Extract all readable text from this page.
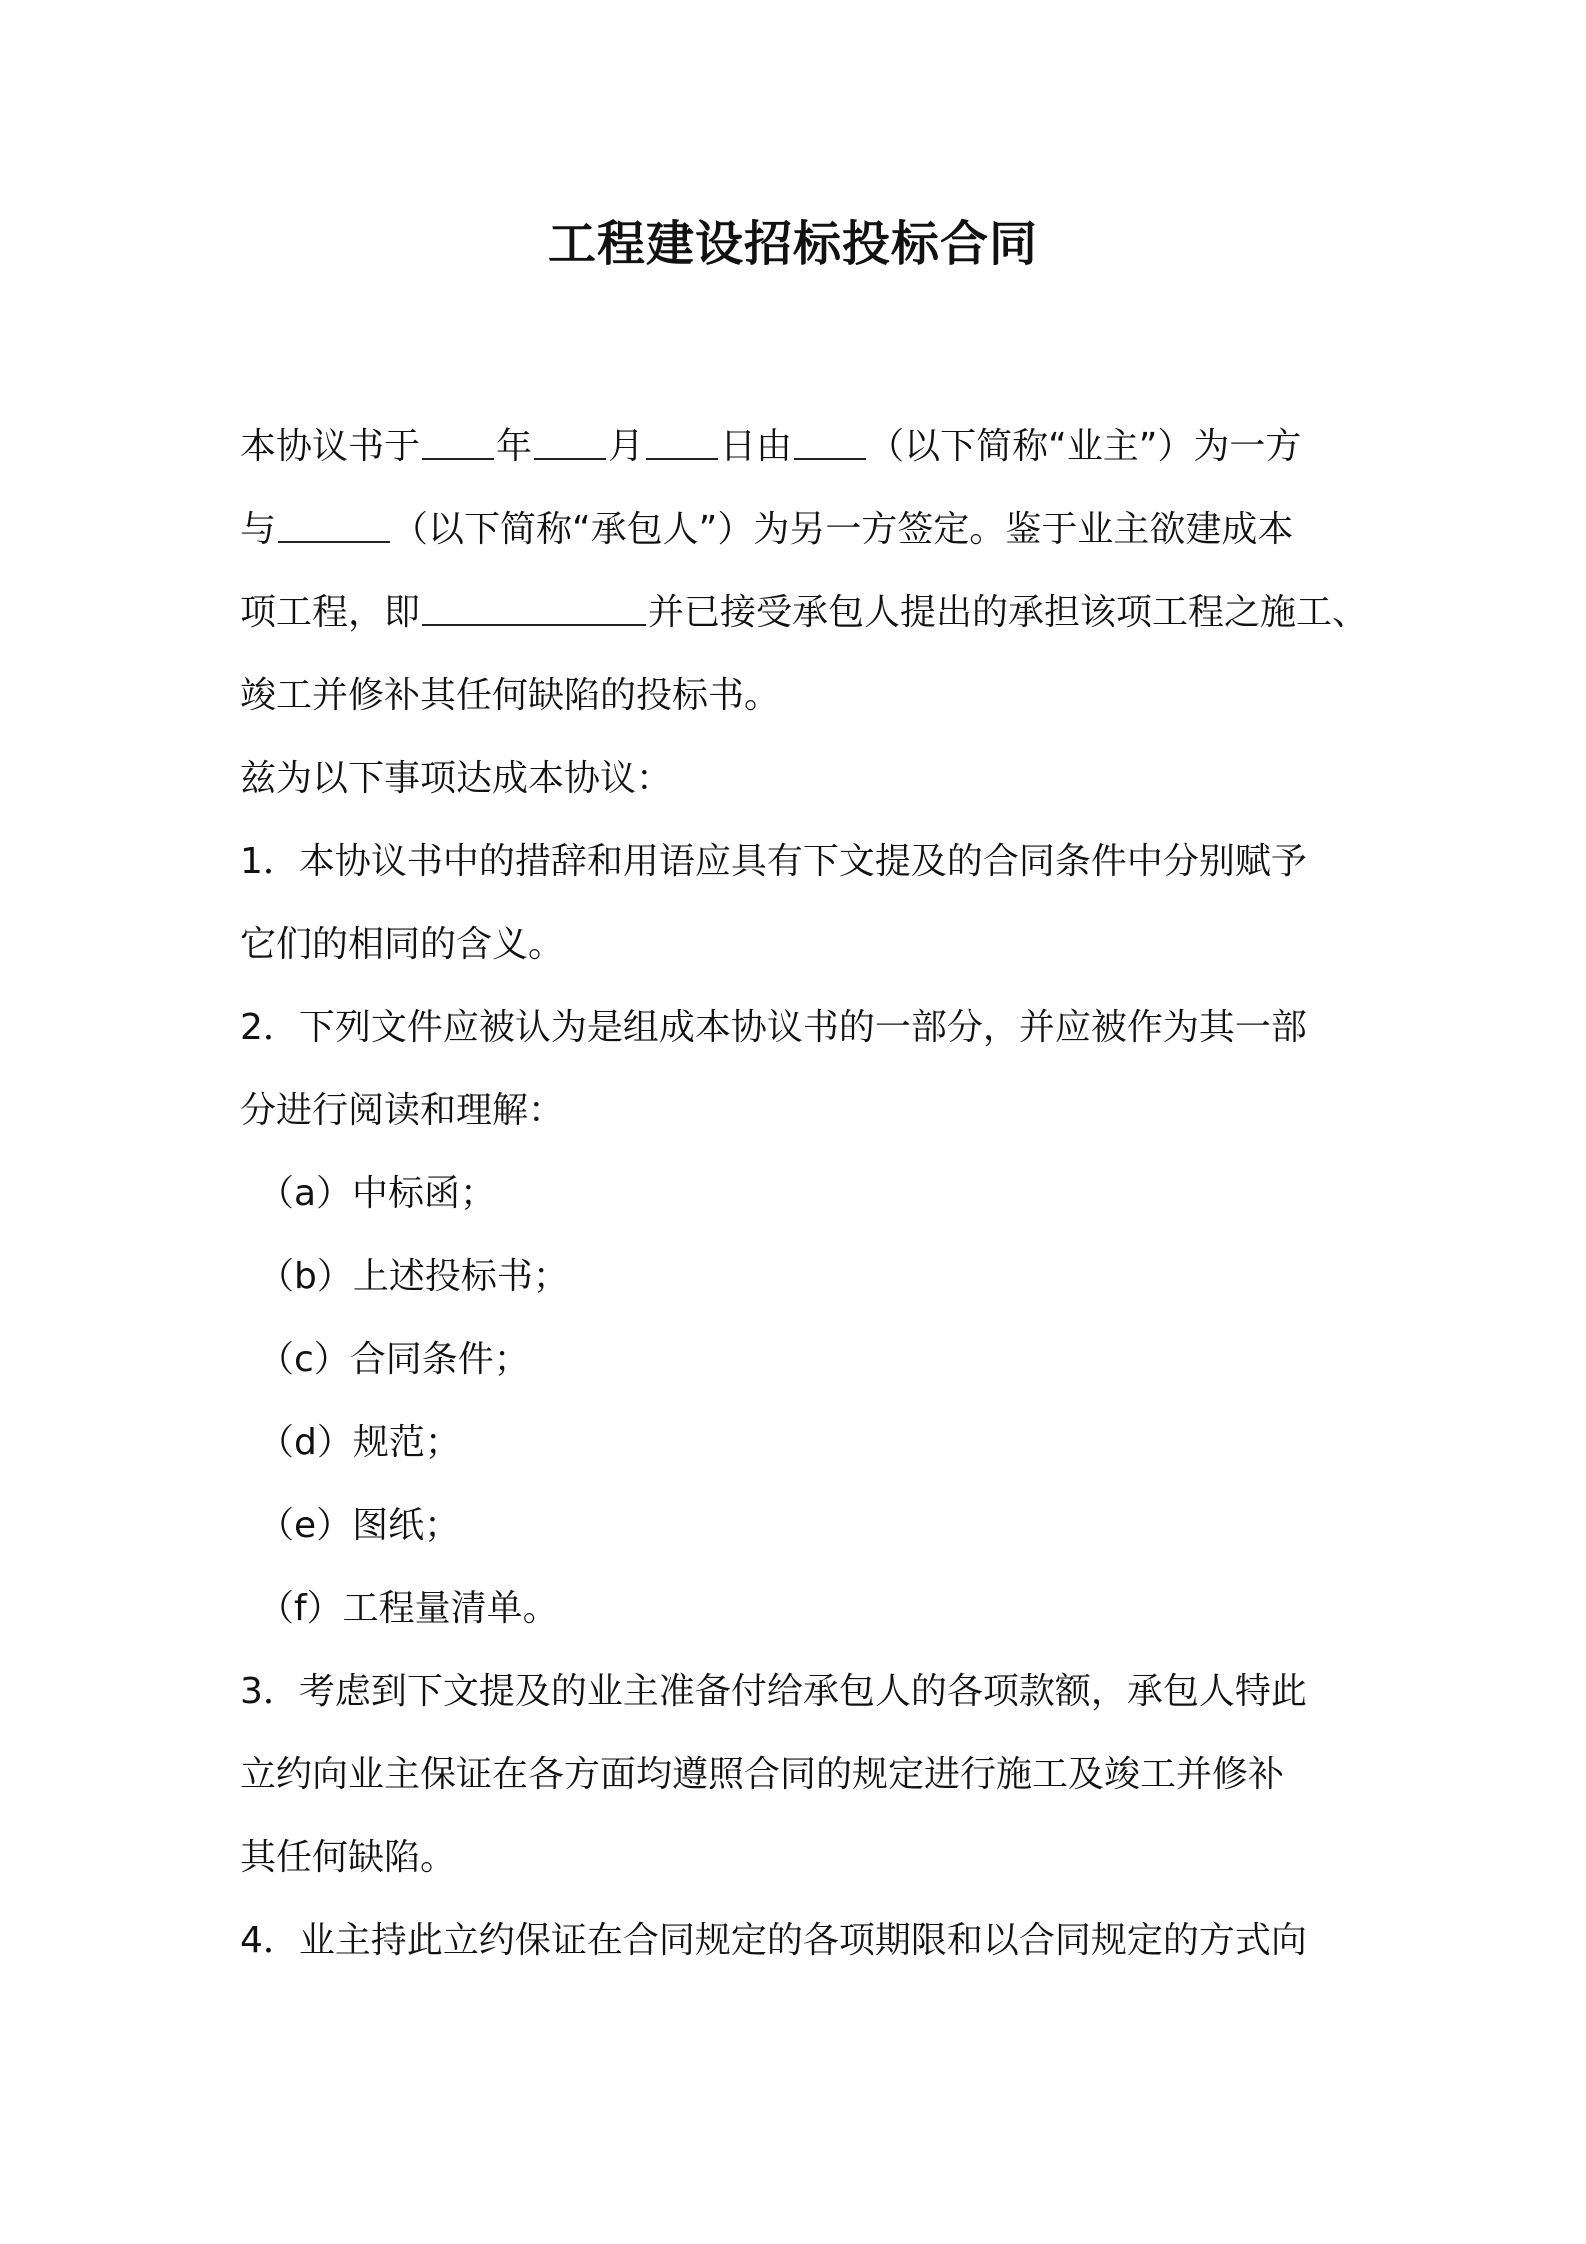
工程建设招标投标合同
本协议书于 年 月 日由 （以下简称“业主”）为一方
与	（以下简称“承包人”）为另一方签定。鉴于业主欲建成本
项工程，即	并已接受承包人提出的承担该项工程之施工、
竣工并修补其任何缺陷的投标书。
兹为以下事项达成本协议：
1．本协议书中的措辞和用语应具有下文提及的合同条件中分别赋予
它们的相同的含义。
2．下列文件应被认为是组成本协议书的一部分，并应被作为其一部
分进行阅读和理解：
（a）中标函；
（b）上述投标书；
（c）合同条件；
（d）规范；
（e）图纸；
（f）工程量清单。
3．考虑到下文提及的业主准备付给承包人的各项款额，承包人特此
立约向业主保证在各方面均遵照合同的规定进行施工及竣工并修补
其任何缺陷。
4．业主持此立约保证在合同规定的各项期限和以合同规定的方式向
